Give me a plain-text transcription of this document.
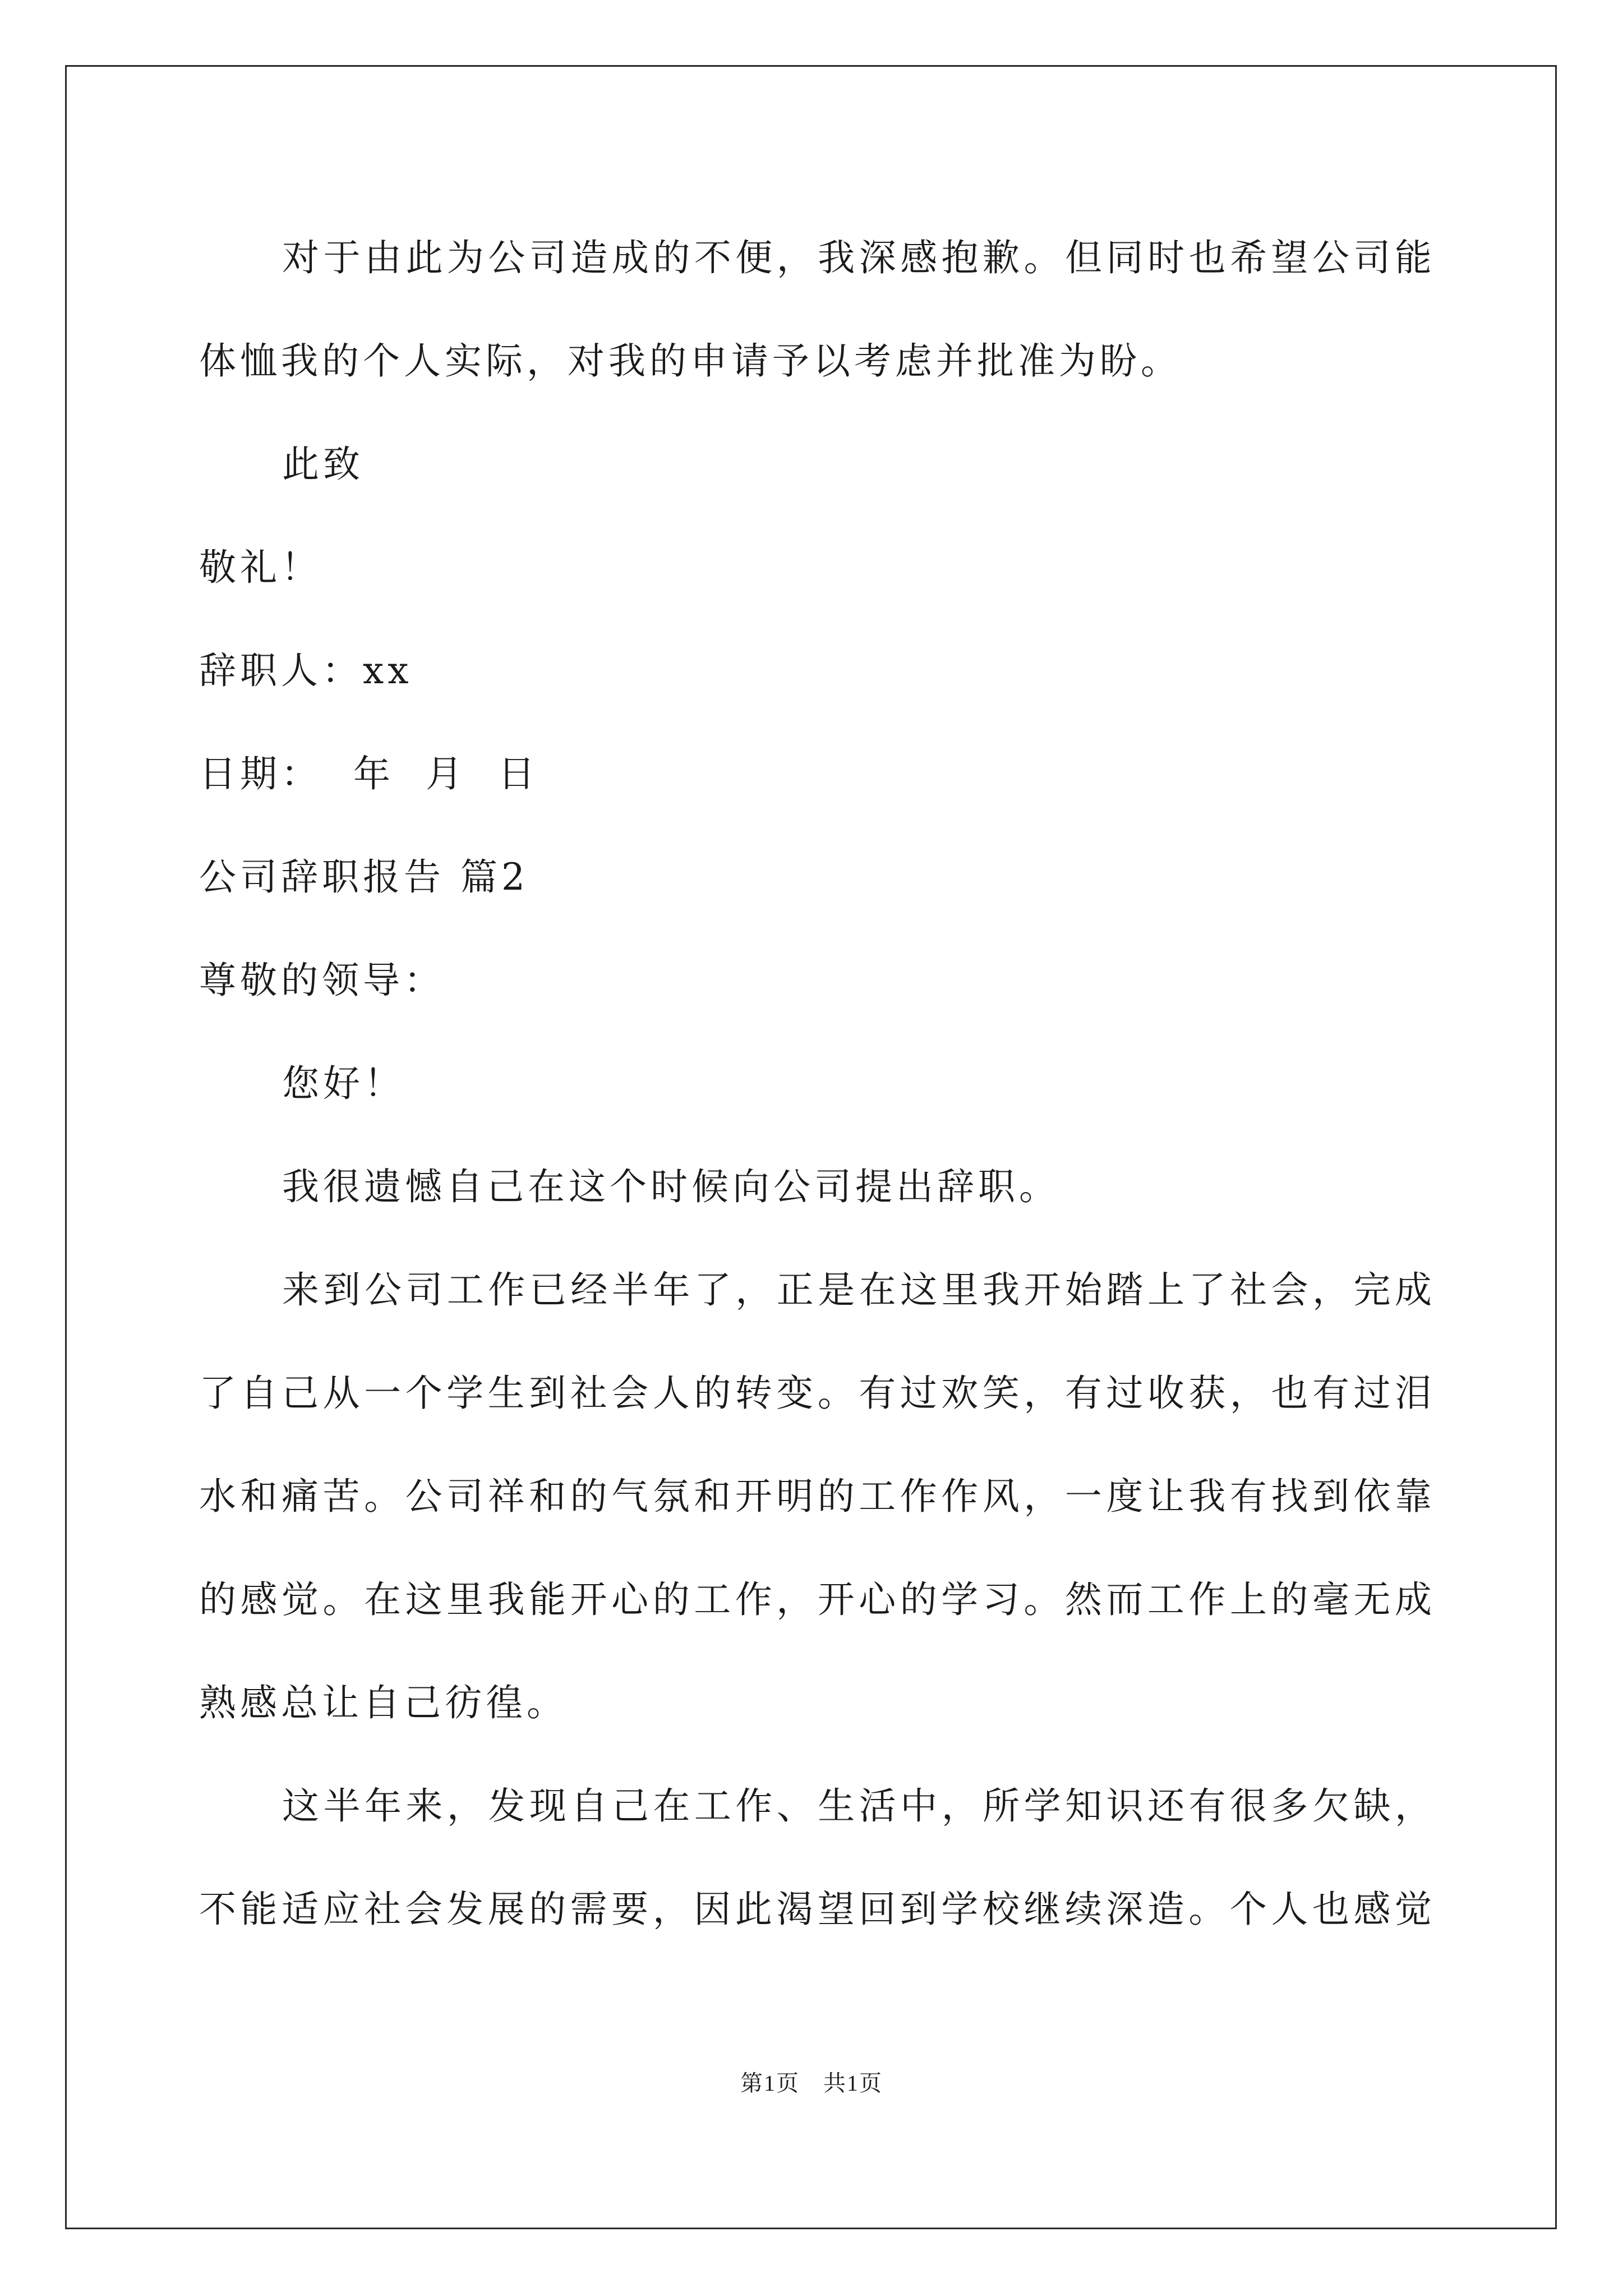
对于由此为公司造成的不便，我深感抱歉。但同时也希望公司能

体恤我的个人实际，对我的申请予以考虑并批准为盼。

此致

敬礼！

辞职人：xx

日期：  年  月  日

公司辞职报告 篇2

尊敬的领导：

您好！

我很遗憾自己在这个时候向公司提出辞职。

来到公司工作已经半年了，正是在这里我开始踏上了社会，完成

了自己从一个学生到社会人的转变。有过欢笑，有过收获，也有过泪

水和痛苦。公司祥和的气氛和开明的工作作风，一度让我有找到依靠

的感觉。在这里我能开心的工作，开心的学习。然而工作上的毫无成

熟感总让自己彷徨。

这半年来，发现自己在工作、生活中，所学知识还有很多欠缺，

不能适应社会发展的需要，因此渴望回到学校继续深造。个人也感觉

第1页 共1页
